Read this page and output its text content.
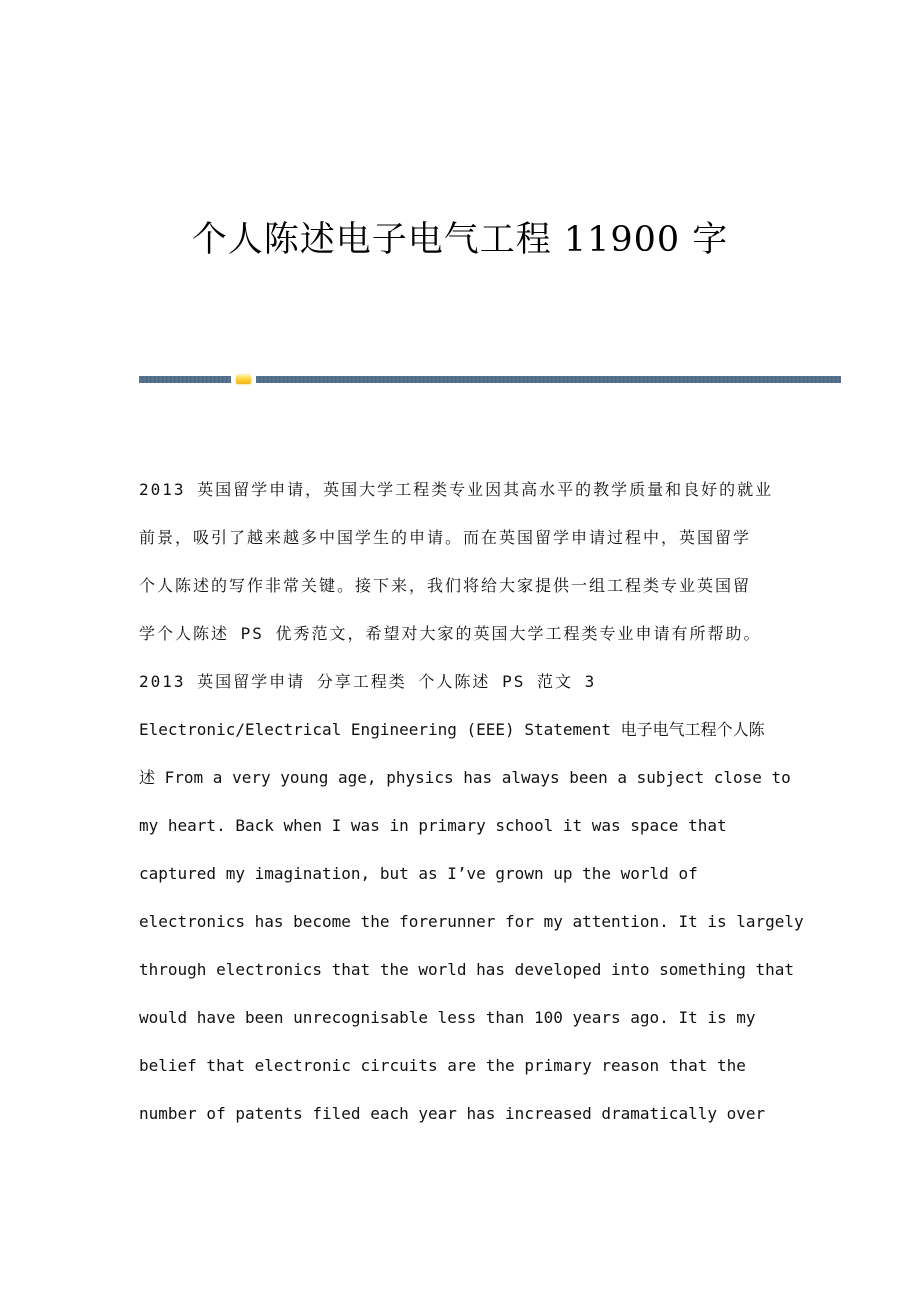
个人陈述电子电气工程 11900 字
2013 英国留学申请，英国大学工程类专业因其高水平的教学质量和良好的就业
前景，吸引了越来越多中国学生的申请。而在英国留学申请过程中，英国留学
个人陈述的写作非常关键。接下来，我们将给大家提供一组工程类专业英国留
学个人陈述 PS 优秀范文，希望对大家的英国大学工程类专业申请有所帮助。
2013 英国留学申请 分享工程类 个人陈述 PS 范文 3
Electronic/Electrical Engineering (EEE) Statement 电子电气工程个人陈
述 From a very young age, physics has always been a subject close to
my heart. Back when I was in primary school it was space that
captured my imagination, but as I’ve grown up the world of
electronics has become the forerunner for my attention. It is largely
through electronics that the world has developed into something that
would have been unrecognisable less than 100 years ago. It is my
belief that electronic circuits are the primary reason that the
number of patents filed each year has increased dramatically over
